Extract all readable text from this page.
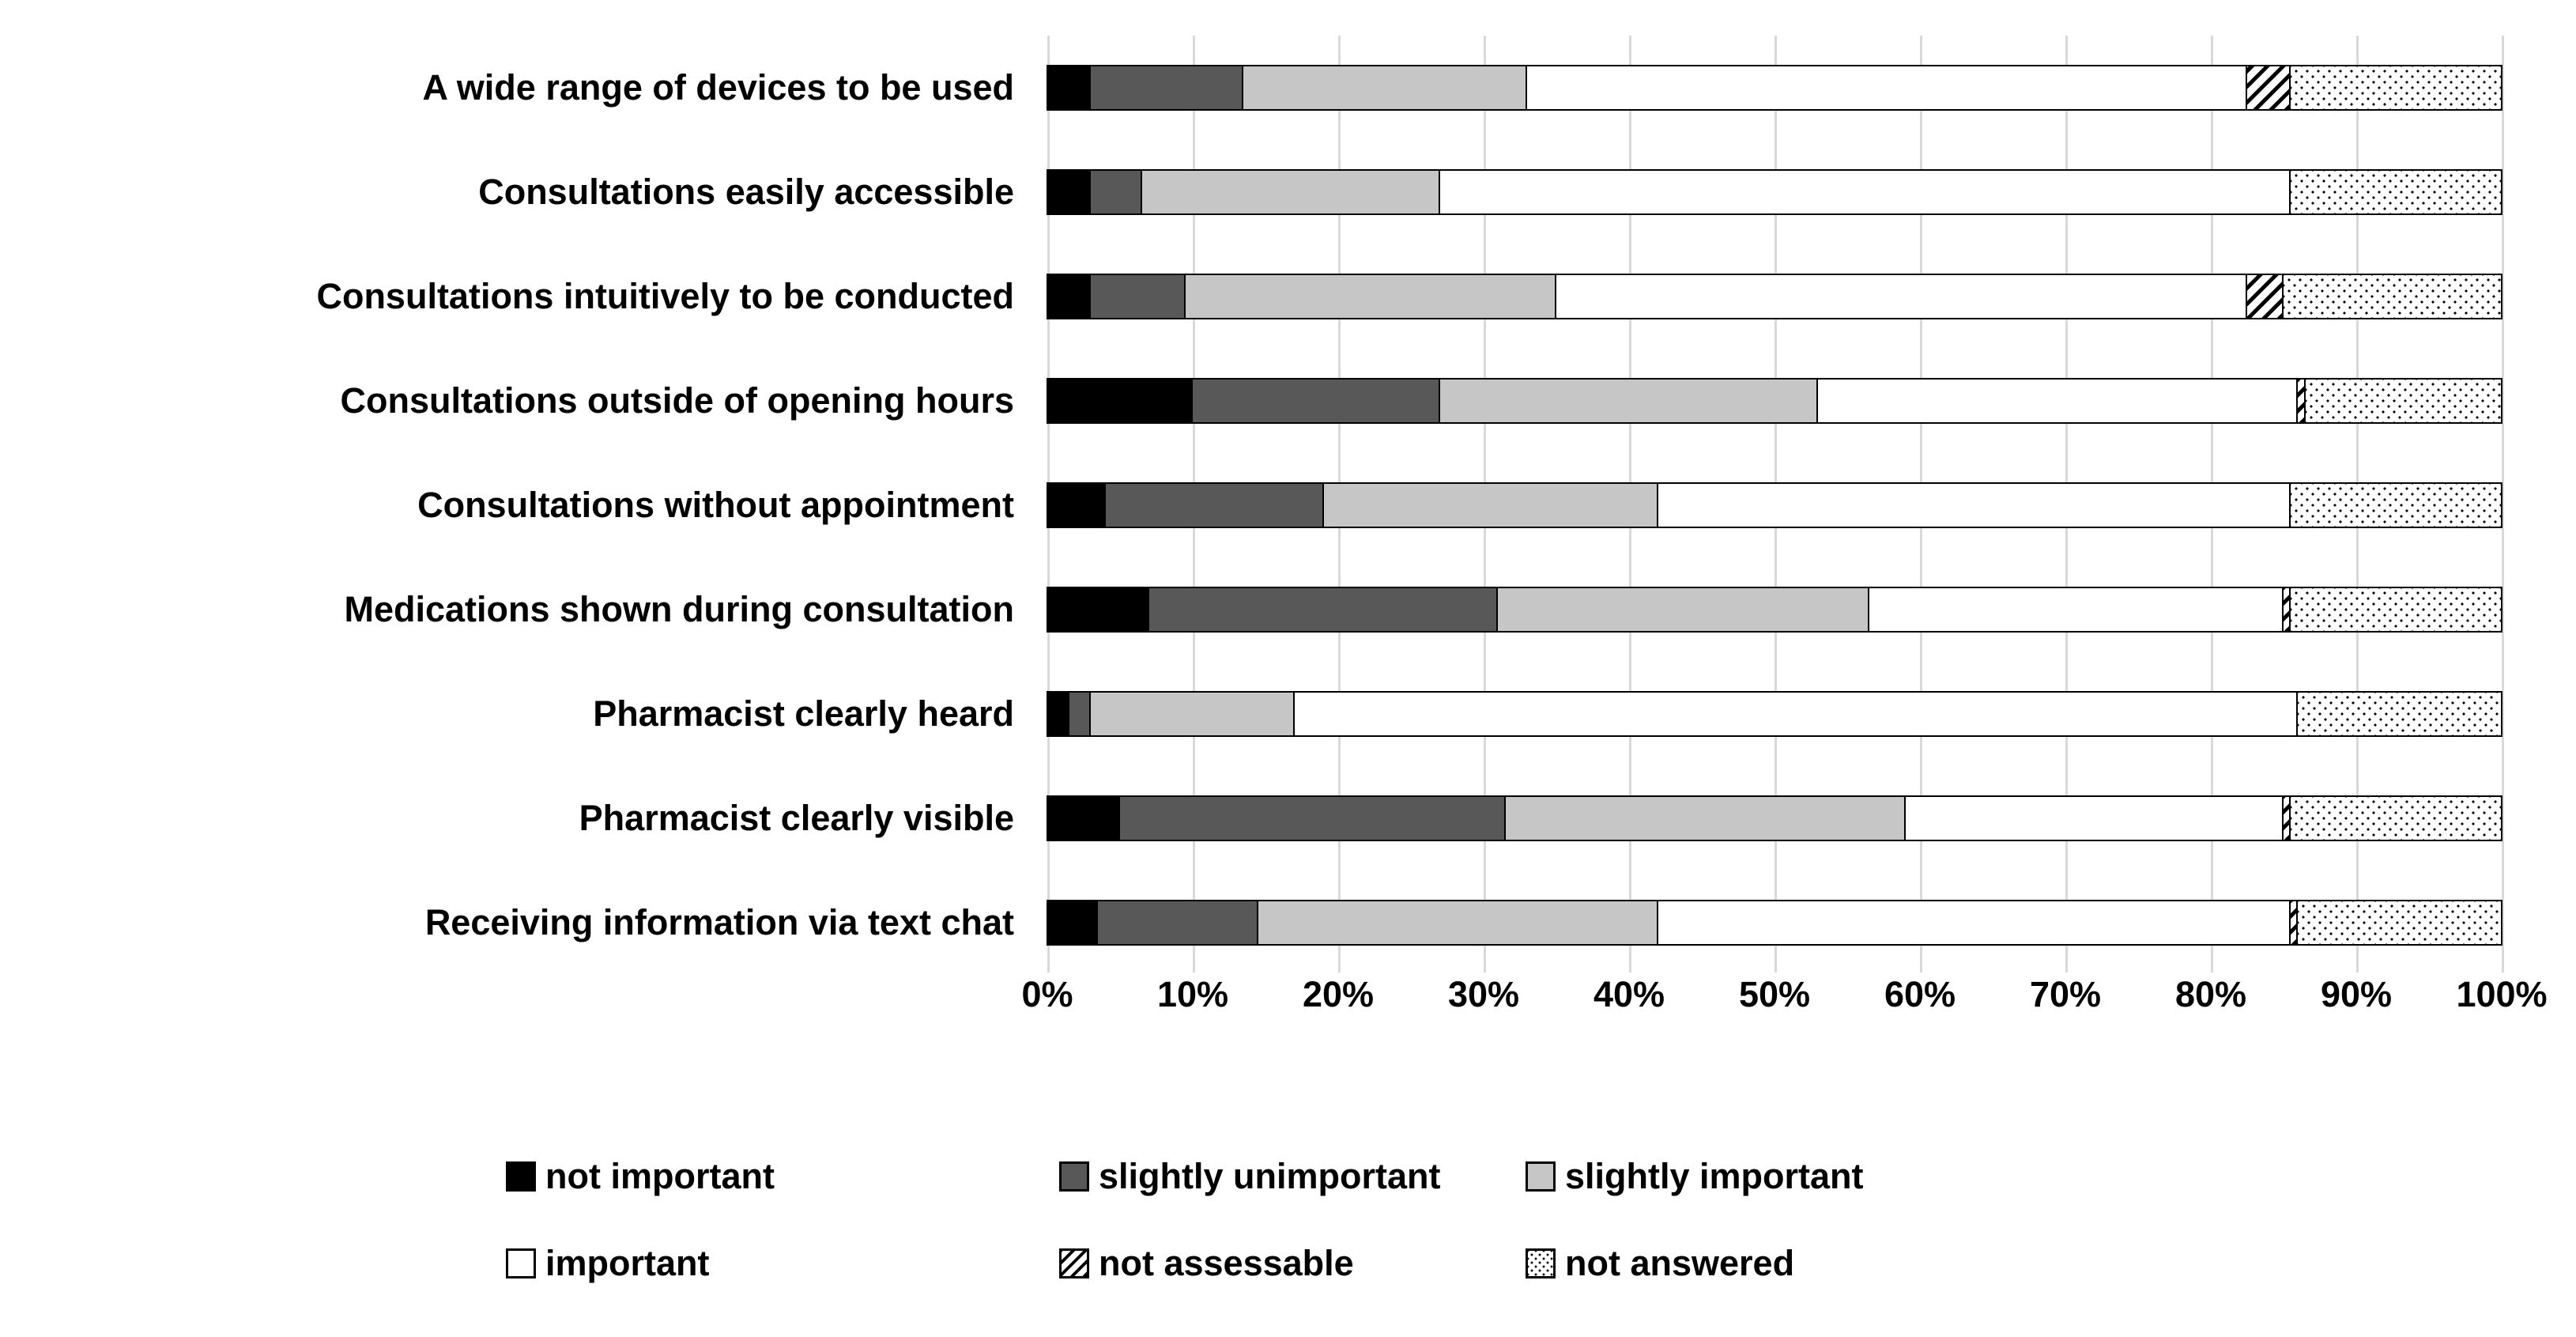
A wide range of devices to be used
Consultations easily accessible
Consultations intuitively to be conducted
Consultations outside of opening hours
Consultations without appointment
Medications shown during consultation
Pharmacist clearly heard
Pharmacist clearly visible
Receiving information via text chat
0% 10% 20% 30% 40% 50% 60% 70% 80% 90% 100%
not important	slightly unimportant	slightly important
important	not assessable	not answered
